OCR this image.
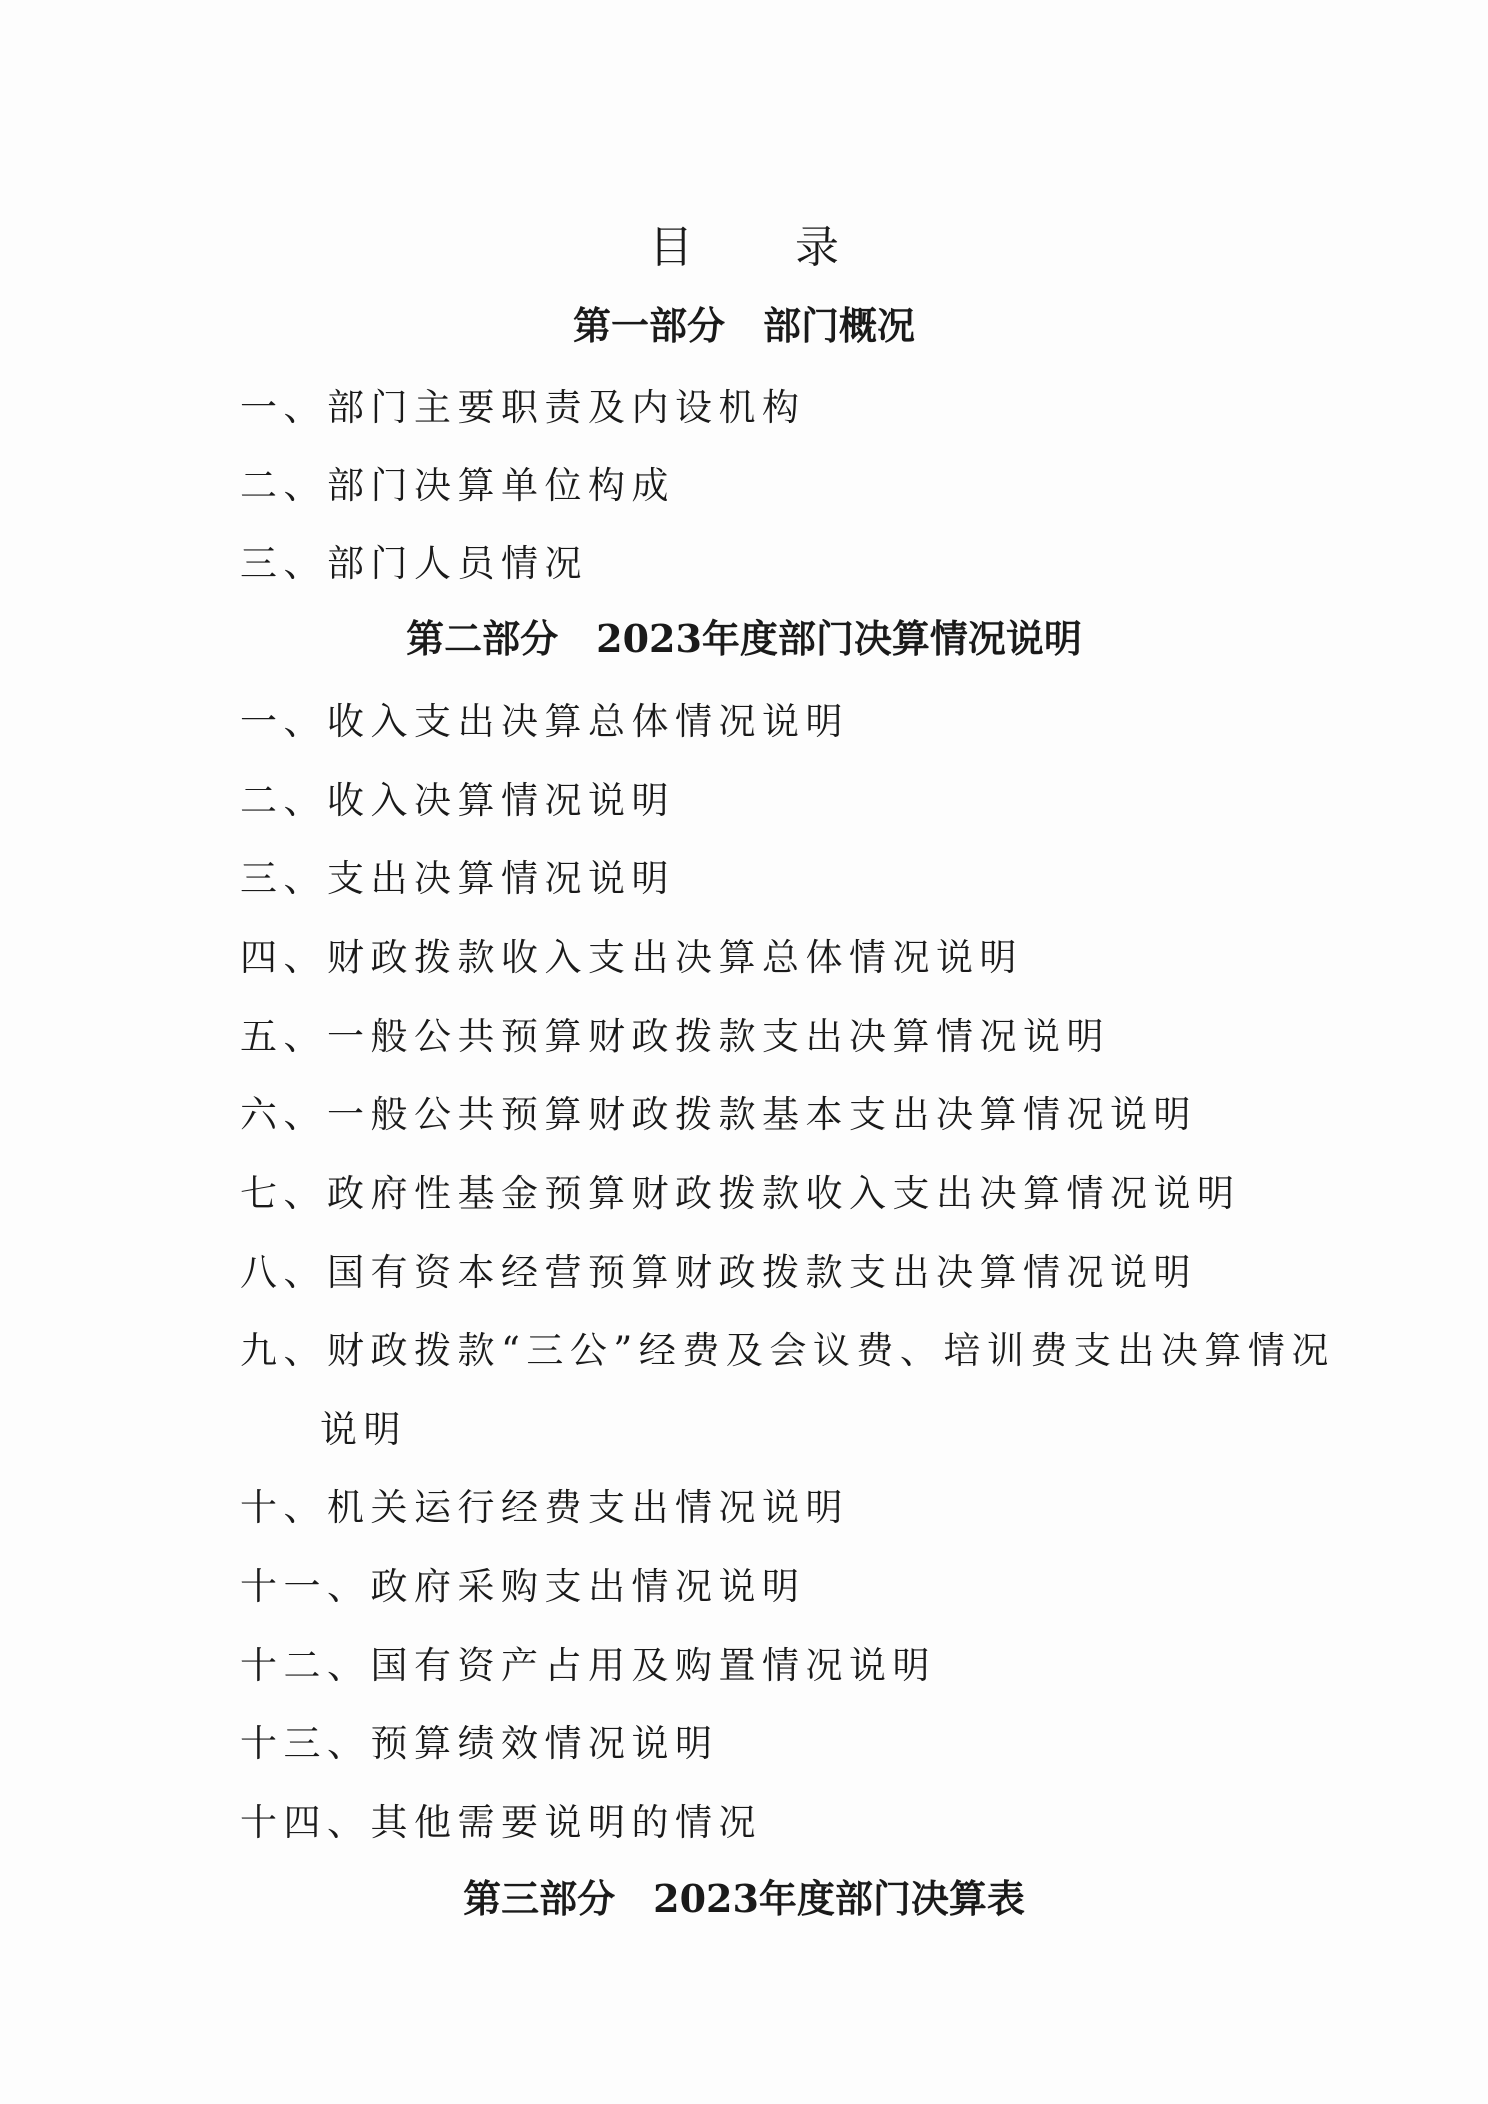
目 录
第一部分 部门概况
一、部门主要职责及内设机构
二、部门决算单位构成
三、部门人员情况
第二部分 2023年度部门决算情况说明
一、收入支出决算总体情况说明
二、收入决算情况说明
三、支出决算情况说明
四、财政拨款收入支出决算总体情况说明
五、一般公共预算财政拨款支出决算情况说明
六、一般公共预算财政拨款基本支出决算情况说明
七、政府性基金预算财政拨款收入支出决算情况说明
八、国有资本经营预算财政拨款支出决算情况说明
九、财政拨款“三公”经费及会议费、培训费支出决算情况
说明
十、机关运行经费支出情况说明
十一、政府采购支出情况说明
十二、国有资产占用及购置情况说明
十三、预算绩效情况说明
十四、其他需要说明的情况
第三部分 2023年度部门决算表
